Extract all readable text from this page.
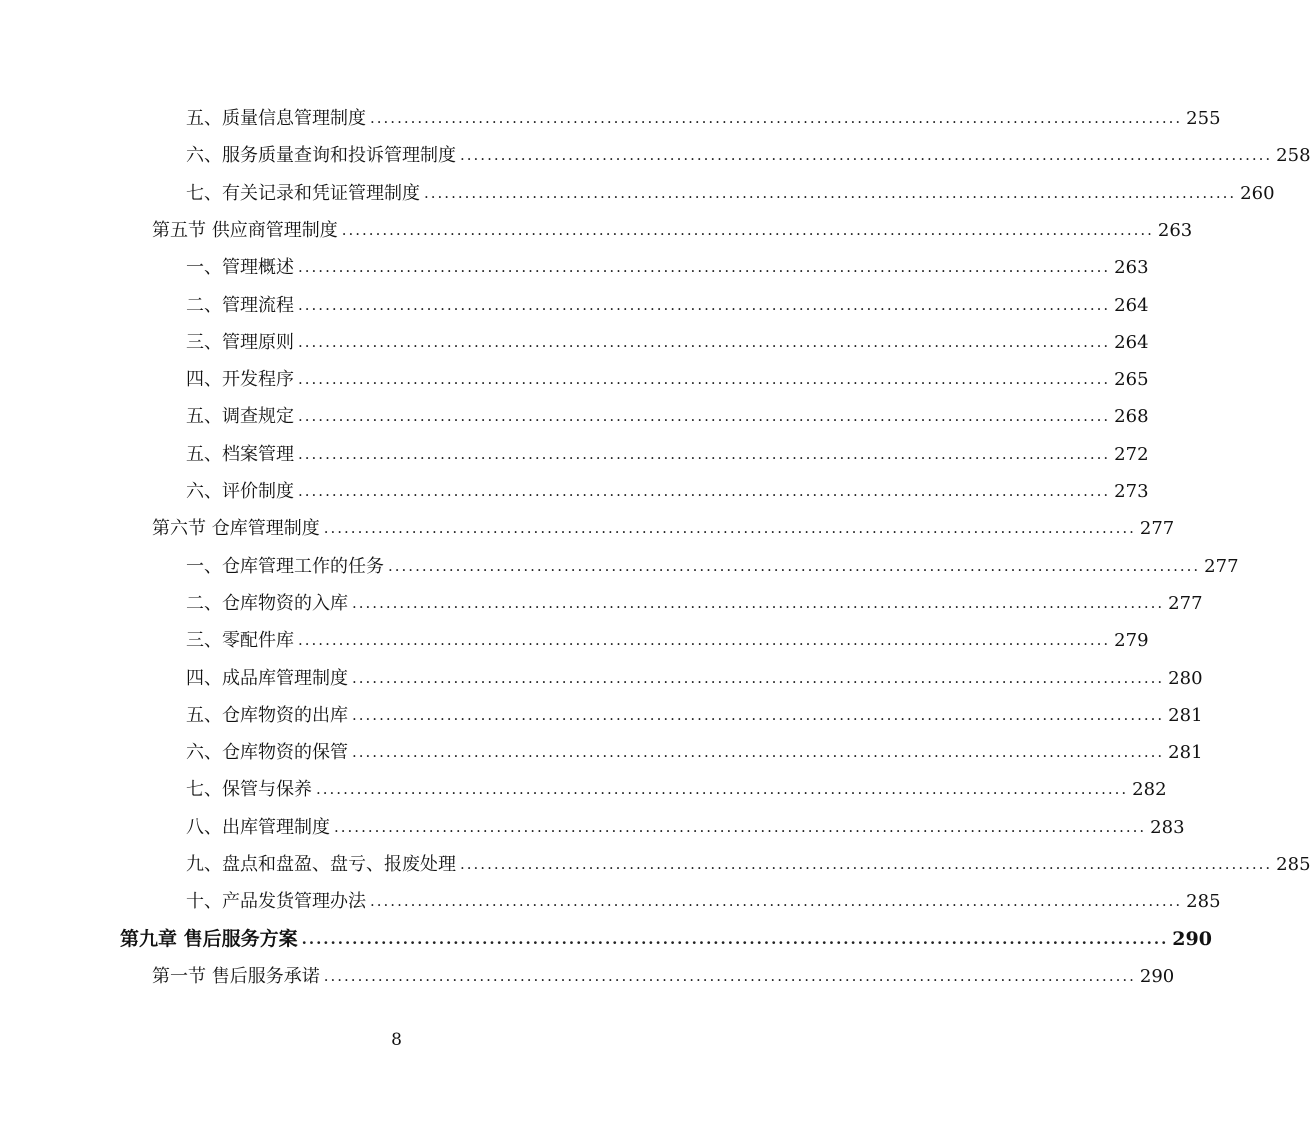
五、质量信息管理制度 ........................................................................................................................ 255
六、服务质量查询和投诉管理制度 ........................................................................................................................ 258
七、有关记录和凭证管理制度 ........................................................................................................................ 260
第五节 供应商管理制度 ........................................................................................................................ 263
一、管理概述 ........................................................................................................................ 263
二、管理流程 ........................................................................................................................ 264
三、管理原则 ........................................................................................................................ 264
四、开发程序 ........................................................................................................................ 265
五、调查规定 ........................................................................................................................ 268
五、档案管理 ........................................................................................................................ 272
六、评价制度 ........................................................................................................................ 273
第六节 仓库管理制度 ........................................................................................................................ 277
一、仓库管理工作的任务 ........................................................................................................................ 277
二、仓库物资的入库 ........................................................................................................................ 277
三、零配件库 ........................................................................................................................ 279
四、成品库管理制度 ........................................................................................................................ 280
五、仓库物资的出库 ........................................................................................................................ 281
六、仓库物资的保管 ........................................................................................................................ 281
七、保管与保养 ........................................................................................................................ 282
八、出库管理制度 ........................................................................................................................ 283
九、盘点和盘盈、盘亏、报废处理 ........................................................................................................................ 285
十、产品发货管理办法 ........................................................................................................................ 285
第九章 售后服务方案 ........................................................................................................................ 290
第一节 售后服务承诺 ........................................................................................................................ 290
8
